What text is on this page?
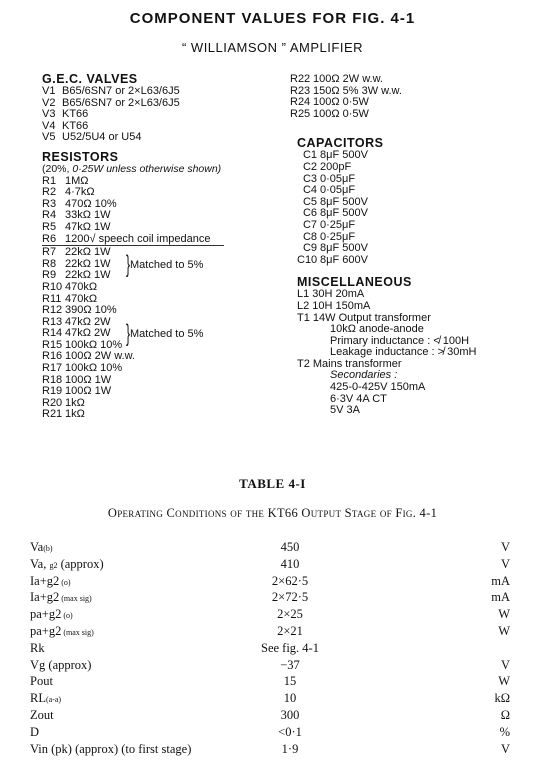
COMPONENT VALUES FOR FIG. 4-1
“ WILLIAMSON ” AMPLIFIER
G.E.C. VALVES
V1 B65/6SN7 or 2×L63/6J5
V2 B65/6SN7 or 2×L63/6J5
V3 KT66
V4 KT66
V5 U52/5U4 or U54
RESISTORS
(20%, 0·25W unless otherwise shown)
R1 1MΩ
R2 4·7kΩ
R3 470Ω 10%
R4 33kΩ 1W
R5 47kΩ 1W
R6 1200√ speech coil impedance
R7 22kΩ 1W
R8 22kΩ 1W
R9 22kΩ 1W
R10 470kΩ
R11 470kΩ
R12 390Ω 10%
R13 47kΩ 2W
R14 47kΩ 2W
R15 100kΩ 10%
R16 100Ω 2W w.w.
R17 100kΩ 10%
R18 100Ω 1W
R19 100Ω 1W
R20 1kΩ
R21 1kΩ
}Matched to 5%
}Matched to 5%
R22 100Ω 2W w.w.
R23 150Ω 5% 3W w.w.
R24 100Ω 0·5W
R25 100Ω 0·5W
CAPACITORS
C1 8μF 500V
C2 200pF
C3 0·05μF
C4 0·05μF
C5 8μF 500V
C6 8μF 500V
C7 0·25μF
C8 0·25μF
C9 8μF 500V
C10 8μF 600V
MISCELLANEOUS
L1 30H 20mA
L2 10H 150mA
T1 14W Output transformer
10kΩ anode-anode
Primary inductance : ≮ 100H
Leakage inductance : ≯ 30mH
T2 Mains transformer
Secondaries :
425-0-425V 150mA
6·3V 4A CT
5V 3A
TABLE 4-I
Operating Conditions of the KT66 Output Stage of Fig. 4-1
Va(b)	450	V
Va, g2 (approx)	410	V
Ia+g2 (o)	2×62·5	mA
Ia+g2 (max sig)	2×72·5	mA
pa+g2 (o)	2×25	W
pa+g2 (max sig)	2×21	W
Rk	See fig. 4-1
Vg (approx)	−37	V
Pout	15	W
RL(a-a)	10	kΩ
Zout	300	Ω
D	<0·1	%
Vin (pk) (approx) (to first stage)	1·9	V
